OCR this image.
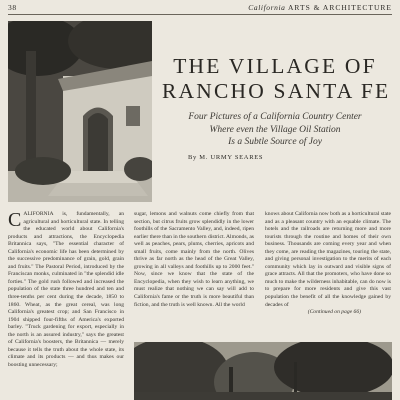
38	California ARTS & ARCHITECTURE
THE VILLAGE OF
RANCHO SANTA FE
Four Pictures of a California Country Center
Where even the Village Oil Station
Is a Subtle Source of Joy
By M. URMY SEARES

CALIFORNIA is, fundamentally, an agricultural and horticultural state. In telling the educated world about California's products and attractions, the Encyclopedia Britannica says, "The essential character of California's economic life has been determined by the successive predominance of grain, gold, grain and fruits." The Pastoral Period, introduced by the Franciscan monks, culminated in "the splendid idle forties." The gold rush followed and increased the population of the state three hundred and ten and three-tenths per cent during the decade, 1850 to 1860. Wheat, as the great cereal, was long California's greatest crop; and San Francisco in 1904 shipped four-fifths of America's exported barley. "Truck gardening for export, especially in the north is an assured industry," says the greatest of California's boosters, the Britannica — merely because it tells the truth about the whole state, its climate and its products — and thus makes our boosting unnecessary;

sugar, lemons and walnuts come chiefly from that section, but citrus fruits grow splendidly in the lower foothills of the Sacramento Valley, and, indeed, ripen earlier there than in the southern district. Almonds, as well as peaches, pears, plums, cherries, apricots and small fruits, come mainly from the north. Olives thrive as far north as the head of the Great Valley, growing in all valleys and foothills up to 2000 feet." Now, since we know that the state of the Encyclopedia, when they wish to learn anything, we must realize that nothing we can say will add to California's fame or the truth is more beautiful than fiction, and the truth is well known. All the world

knows about California now both as a horticultural state and as a pleasant country with an equable climate. The hotels and the railroads are returning more and more tourists through the routine and homes of their own business. Thousands are coming every year and when they come, are reading the magazines, touring the state, and giving personal investigation to the merits of each community which lay in outward and visible signs of grace attracts. All that the promoters, who have done so much to make the wilderness inhabitable, can do now is to prepare for more residents and give this vast population the benefit of all the knowledge gained by decades of

(Continued on page 66)
